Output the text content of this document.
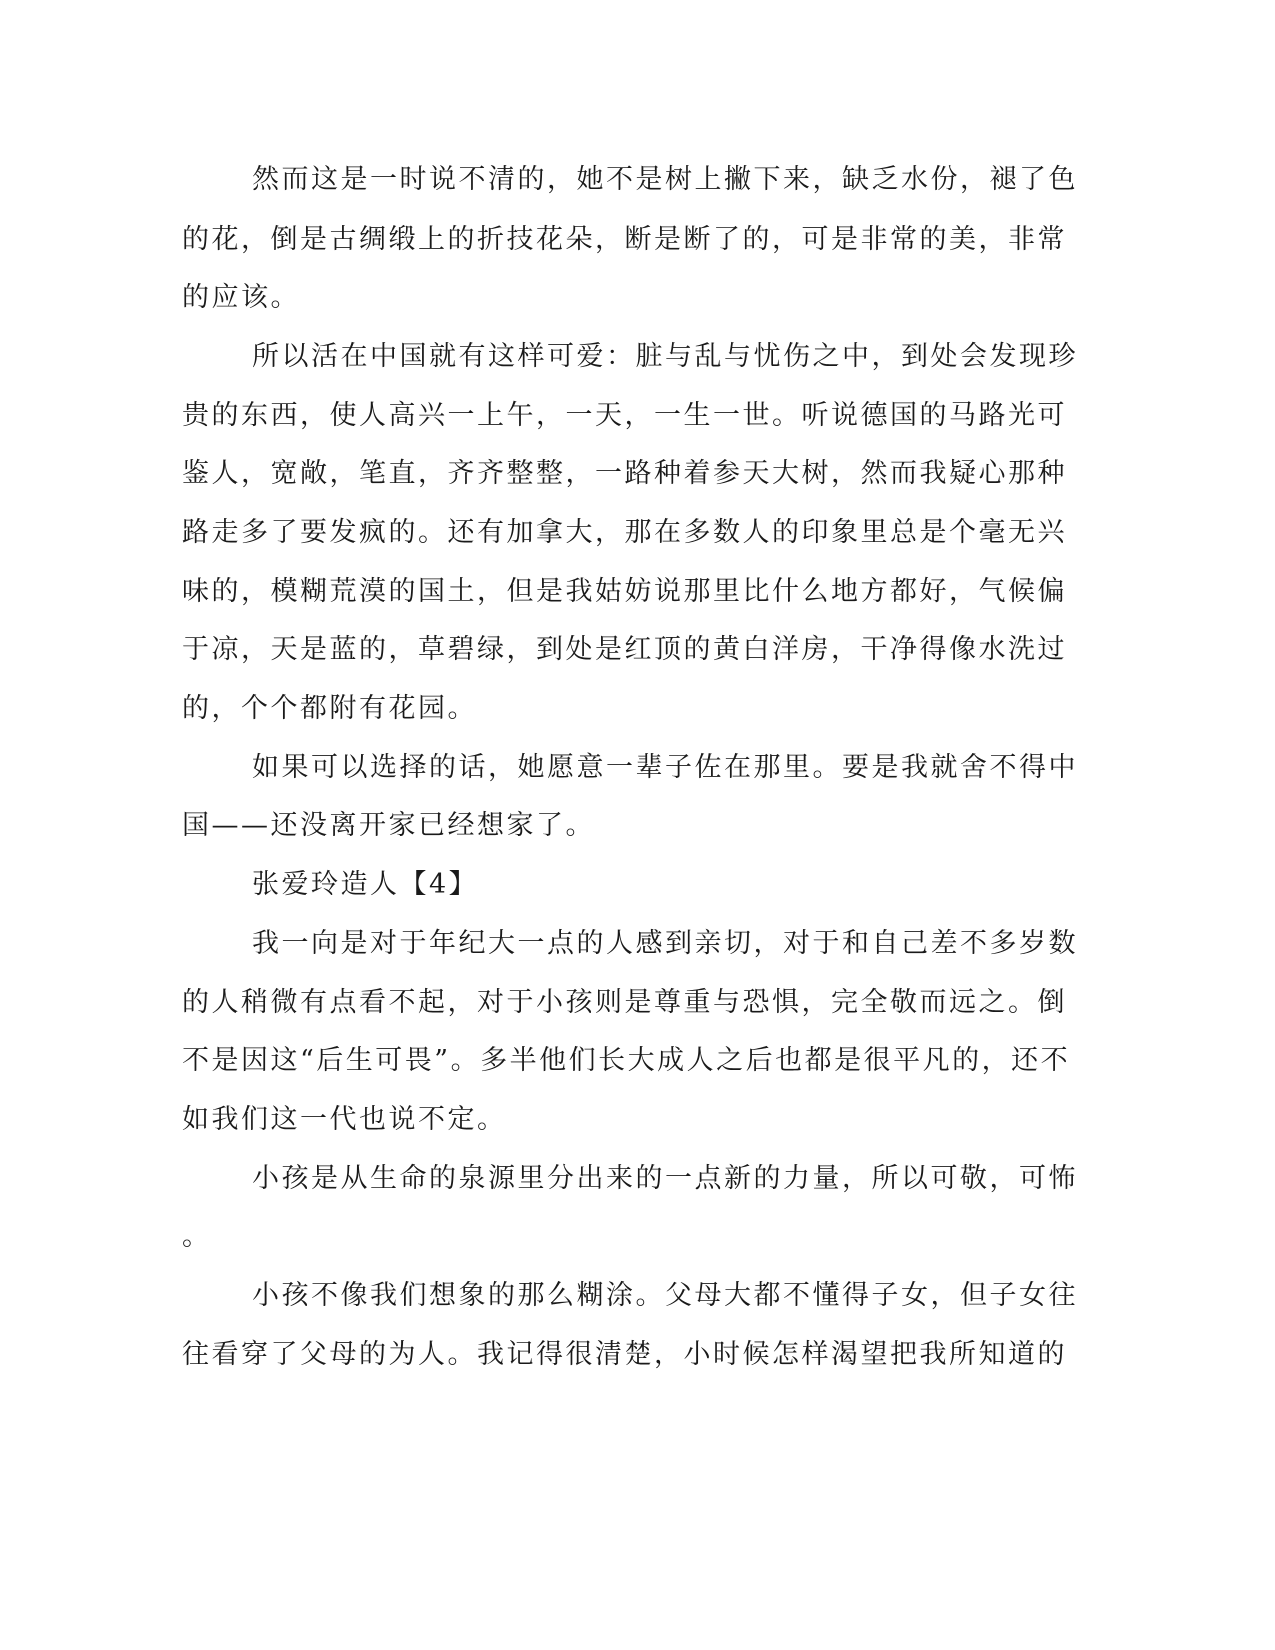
然而这是一时说不清的，她不是树上撇下来，缺乏水份，褪了色

的花，倒是古绸缎上的折技花朵，断是断了的，可是非常的美，非常

的应该。

所以活在中国就有这样可爱：脏与乱与忧伤之中，到处会发现珍

贵的东西，使人高兴一上午，一天，一生一世。听说德国的马路光可

鉴人，宽敞，笔直，齐齐整整，一路种着参天大树，然而我疑心那种

路走多了要发疯的。还有加拿大，那在多数人的印象里总是个毫无兴

味的，模糊荒漠的国土，但是我姑妨说那里比什么地方都好，气候偏

于凉，天是蓝的，草碧绿，到处是红顶的黄白洋房，干净得像水洗过

的，个个都附有花园。

如果可以选择的话，她愿意一辈子佐在那里。要是我就舍不得中

国——还没离开家已经想家了。

张爱玲造人【4】

我一向是对于年纪大一点的人感到亲切，对于和自己差不多岁数

的人稍微有点看不起，对于小孩则是尊重与恐惧，完全敬而远之。倒

不是因这“后生可畏”。多半他们长大成人之后也都是很平凡的，还不

如我们这一代也说不定。

小孩是从生命的泉源里分出来的一点新的力量，所以可敬，可怖

。

小孩不像我们想象的那么糊涂。父母大都不懂得子女，但子女往

往看穿了父母的为人。我记得很清楚，小时候怎样渴望把我所知道的
